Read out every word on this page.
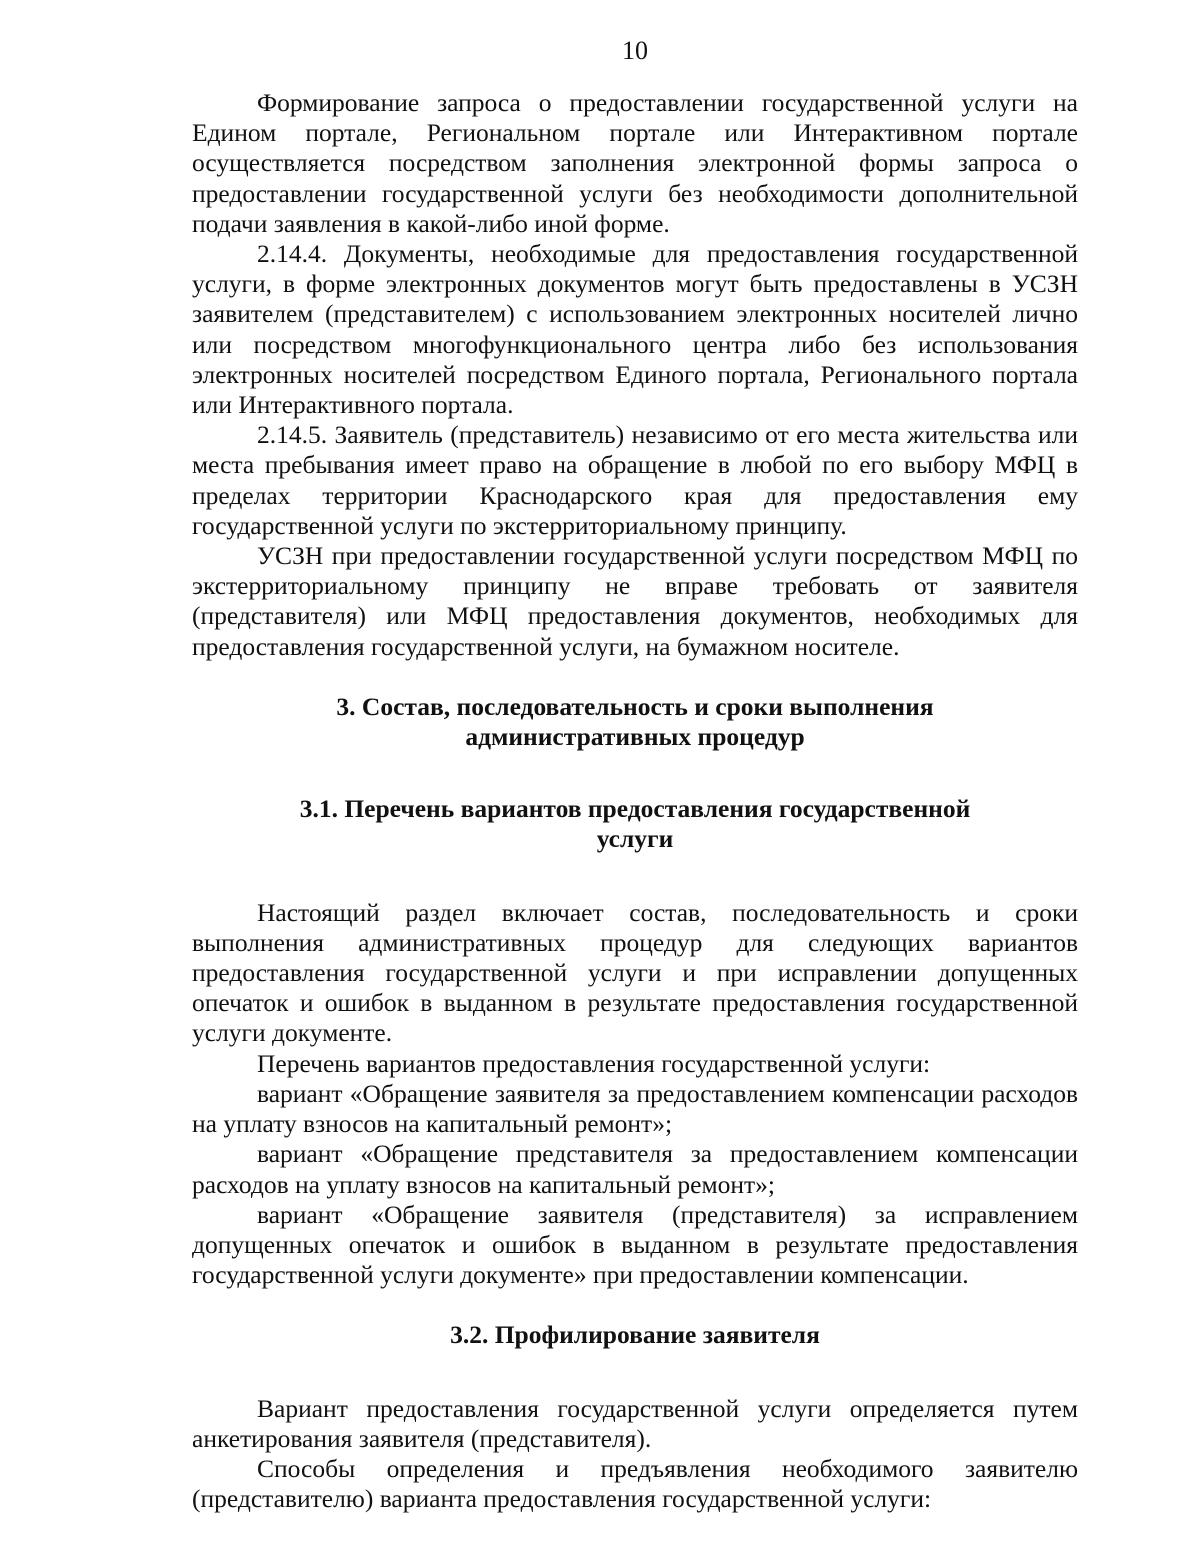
10

Формирование запроса о предоставлении государственной услуги на Едином портале, Региональном портале или Интерактивном портале осуществляется посредством заполнения электронной формы запроса о предоставлении государственной услуги без необходимости дополнительной подачи заявления в какой-либо иной форме.

2.14.4. Документы, необходимые для предоставления государственной услуги, в форме электронных документов могут быть предоставлены в УСЗН заявителем (представителем) с использованием электронных носителей лично или посредством многофункционального центра либо без использования электронных носителей посредством Единого портала, Регионального портала или Интерактивного портала.

2.14.5. Заявитель (представитель) независимо от его места жительства или места пребывания имеет право на обращение в любой по его выбору МФЦ в пределах территории Краснодарского края для предоставления ему государственной услуги по экстерриториальному принципу.

УСЗН при предоставлении государственной услуги посредством МФЦ по экстерриториальному принципу не вправе требовать от заявителя (представителя) или МФЦ предоставления документов, необходимых для предоставления государственной услуги, на бумажном носителе.

3. Состав, последовательность и сроки выполнения административных процедур
3.1. Перечень вариантов предоставления государственной услуги

Настоящий раздел включает состав, последовательность и сроки выполнения административных процедур для следующих вариантов предоставления государственной услуги и при исправлении допущенных опечаток и ошибок в выданном в результате предоставления государственной услуги документе.

Перечень вариантов предоставления государственной услуги:

вариант «Обращение заявителя за предоставлением компенсации расходов на уплату взносов на капитальный ремонт»;

вариант «Обращение представителя за предоставлением компенсации расходов на уплату взносов на капитальный ремонт»;

вариант «Обращение заявителя (представителя) за исправлением допущенных опечаток и ошибок в выданном в результате предоставления государственной услуги документе» при предоставлении компенсации.

3.2. Профилирование заявителя

Вариант предоставления государственной услуги определяется путем анкетирования заявителя (представителя).

Способы определения и предъявления необходимого заявителю (представителю) варианта предоставления государственной услуги:
